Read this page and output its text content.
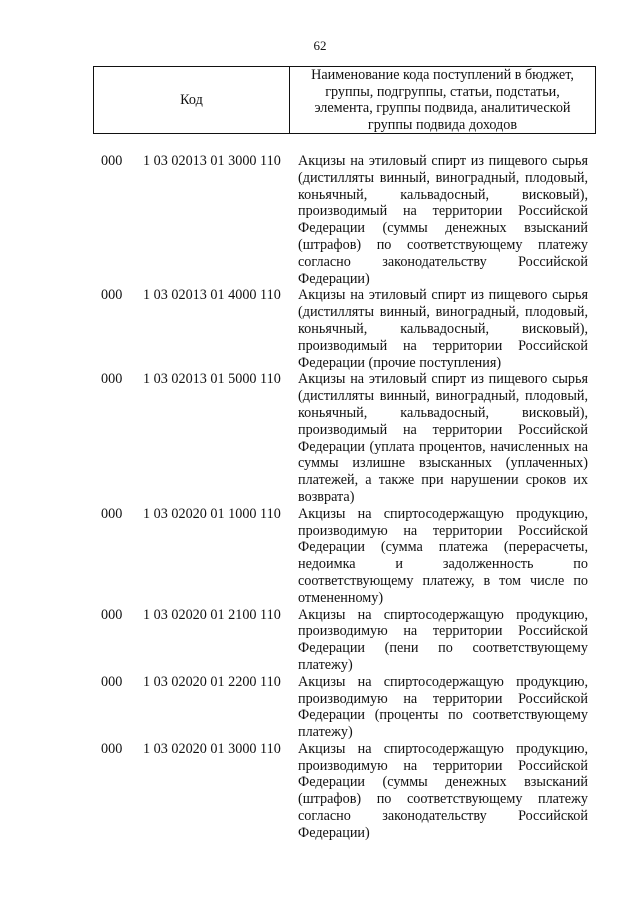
62
Код
Наименование кода поступлений в бюджет, группы, подгруппы, статьи, подстатьи, элемента, группы подвида, аналитической группы подвида доходов
000 1 03 02013 01 3000 110 Акцизы на этиловый спирт из пищевого сырья (дистилляты винный, виноградный, плодовый, коньячный, кальвадосный, висковый), производимый на территории Российской Федерации (суммы денежных взысканий (штрафов) по соответствующему платежу согласно законодательству Российской Федерации)
000 1 03 02013 01 4000 110 Акцизы на этиловый спирт из пищевого сырья (дистилляты винный, виноградный, плодовый, коньячный, кальвадосный, висковый), производимый на территории Российской Федерации (прочие поступления)
000 1 03 02013 01 5000 110 Акцизы на этиловый спирт из пищевого сырья (дистилляты винный, виноградный, плодовый, коньячный, кальвадосный, висковый), производимый на территории Российской Федерации (уплата процентов, начисленных на суммы излишне взысканных (уплаченных) платежей, а также при нарушении сроков их возврата)
000 1 03 02020 01 1000 110 Акцизы на спиртосодержащую продукцию, производимую на территории Российской Федерации (сумма платежа (перерасчеты, недоимка и задолженность по соответствующему платежу, в том числе по отмененному)
000 1 03 02020 01 2100 110 Акцизы на спиртосодержащую продукцию, производимую на территории Российской Федерации (пени по соответствующему платежу)
000 1 03 02020 01 2200 110 Акцизы на спиртосодержащую продукцию, производимую на территории Российской Федерации (проценты по соответствующему платежу)
000 1 03 02020 01 3000 110 Акцизы на спиртосодержащую продукцию, производимую на территории Российской Федерации (суммы денежных взысканий (штрафов) по соответствующему платежу согласно законодательству Российской Федерации)
